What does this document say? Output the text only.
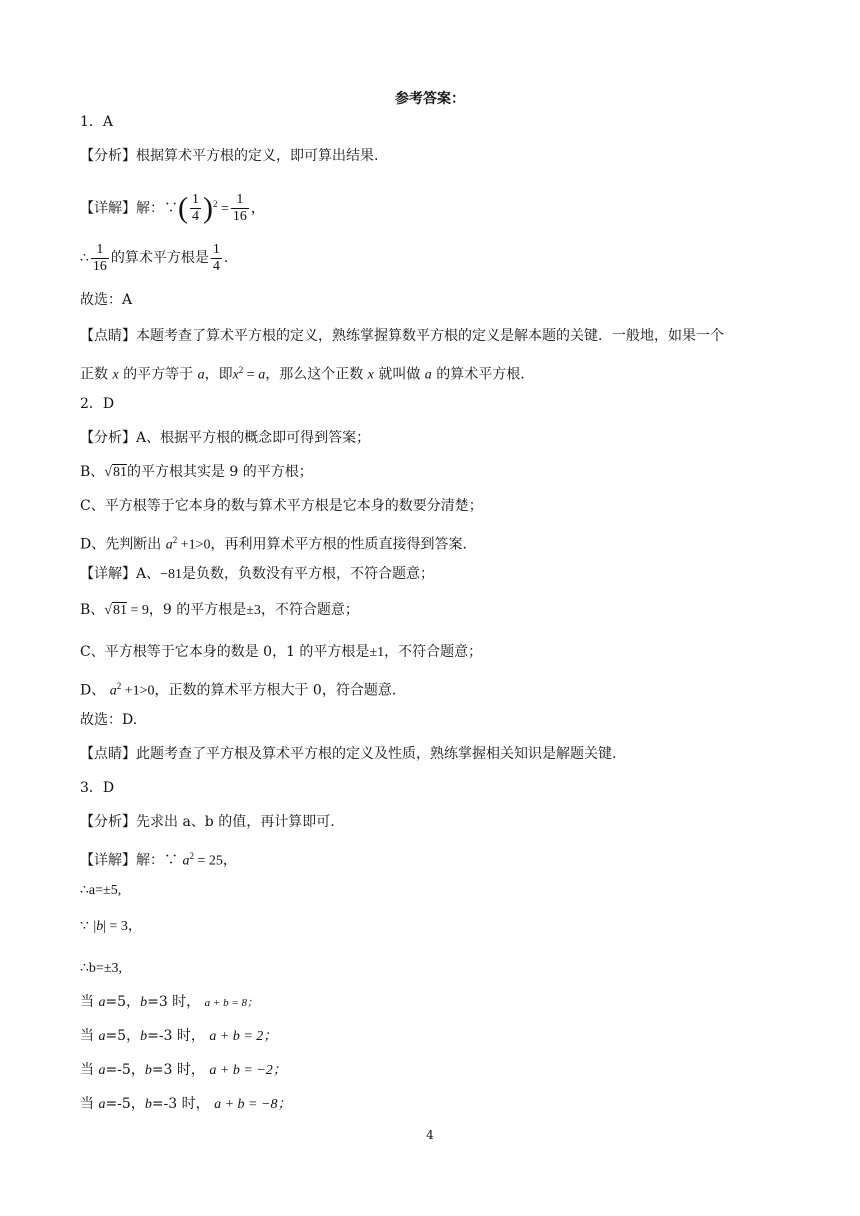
参考答案：
1．A
【分析】根据算术平方根的定义，即可算出结果.
【详解】解：∵( $\frac{1}{4} )^2 = \frac{1}{16}$ ，
∴ $\frac{1}{16}$ 的算术平方根是 $\frac{1}{4}$ .
故选：A
【点睛】本题考查了算术平方根的定义，熟练掌握算数平方根的定义是解本题的关键．一般地，如果一个
正数 x 的平方等于 a，即$x^2 = a$，那么这个正数 x 就叫做 a 的算术平方根.
2．D
【分析】A、根据平方根的概念即可得到答案；
B、√81的平方根其实是 9 的平方根；
C、平方根等于它本身的数与算术平方根是它本身的数要分清楚；
D、先判断出 $a^2 +1>0$，再利用算术平方根的性质直接得到答案.
【详解】A、−81是负数，负数没有平方根，不符合题意；
B、√81 = 9，9 的平方根是±3，不符合题意；
C、平方根等于它本身的数是 0，1 的平方根是±1，不符合题意；
D、 $a^2 +1>0$，正数的算术平方根大于 0，符合题意.
故选：D.
【点睛】此题考查了平方根及算术平方根的定义及性质，熟练掌握相关知识是解题关键.
3．D
【分析】先求出 a、b 的值，再计算即可.
【详解】解：∵ $a^2 = 25$，
∴a=±5,
∵ |b| = 3，
∴b=±3,
当 a=5，b=3 时， a + b = 8；
当 a=5，b=-3 时， a + b = 2；
当 a=-5，b=3 时， a + b = −2；
当 a=-5，b=-3 时， a + b = −8；
4
